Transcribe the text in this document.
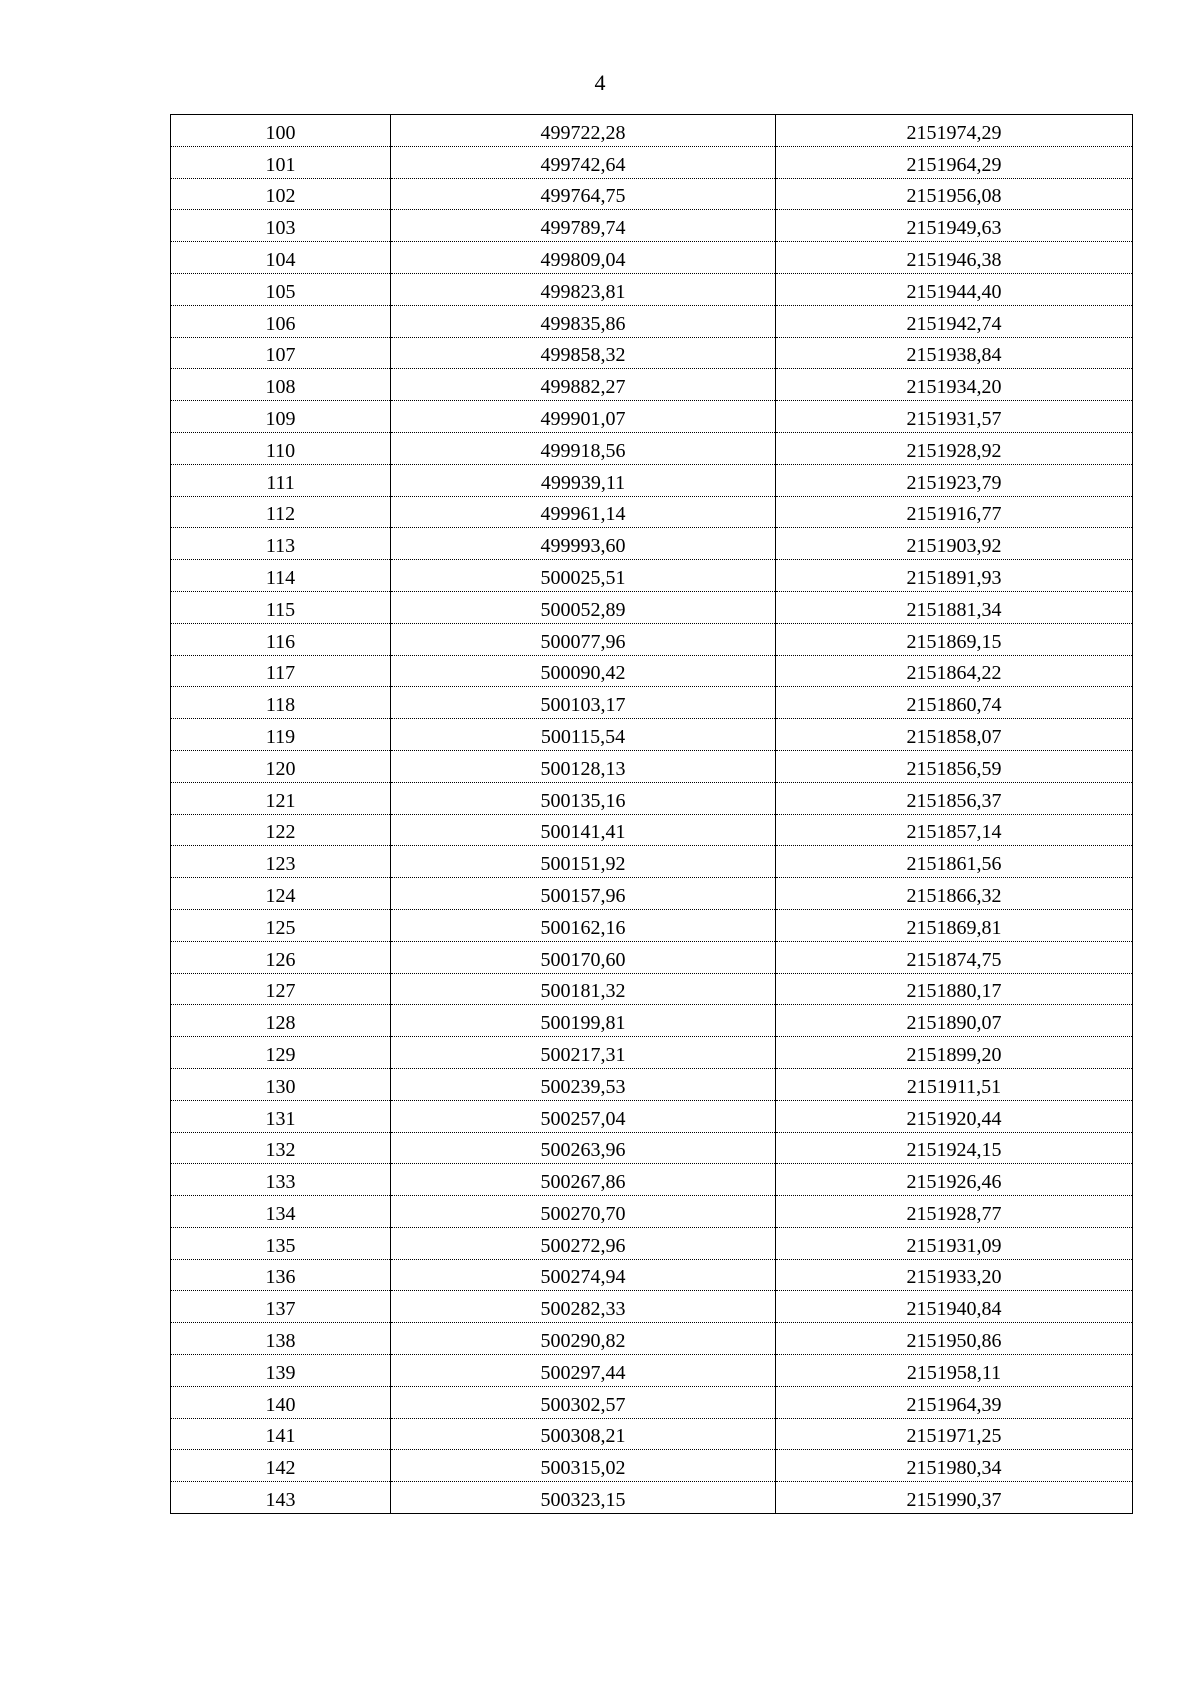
4
100	499722,28	2151974,29
101	499742,64	2151964,29
102	499764,75	2151956,08
103	499789,74	2151949,63
104	499809,04	2151946,38
105	499823,81	2151944,40
106	499835,86	2151942,74
107	499858,32	2151938,84
108	499882,27	2151934,20
109	499901,07	2151931,57
110	499918,56	2151928,92
111	499939,11	2151923,79
112	499961,14	2151916,77
113	499993,60	2151903,92
114	500025,51	2151891,93
115	500052,89	2151881,34
116	500077,96	2151869,15
117	500090,42	2151864,22
118	500103,17	2151860,74
119	500115,54	2151858,07
120	500128,13	2151856,59
121	500135,16	2151856,37
122	500141,41	2151857,14
123	500151,92	2151861,56
124	500157,96	2151866,32
125	500162,16	2151869,81
126	500170,60	2151874,75
127	500181,32	2151880,17
128	500199,81	2151890,07
129	500217,31	2151899,20
130	500239,53	2151911,51
131	500257,04	2151920,44
132	500263,96	2151924,15
133	500267,86	2151926,46
134	500270,70	2151928,77
135	500272,96	2151931,09
136	500274,94	2151933,20
137	500282,33	2151940,84
138	500290,82	2151950,86
139	500297,44	2151958,11
140	500302,57	2151964,39
141	500308,21	2151971,25
142	500315,02	2151980,34
143	500323,15	2151990,37
